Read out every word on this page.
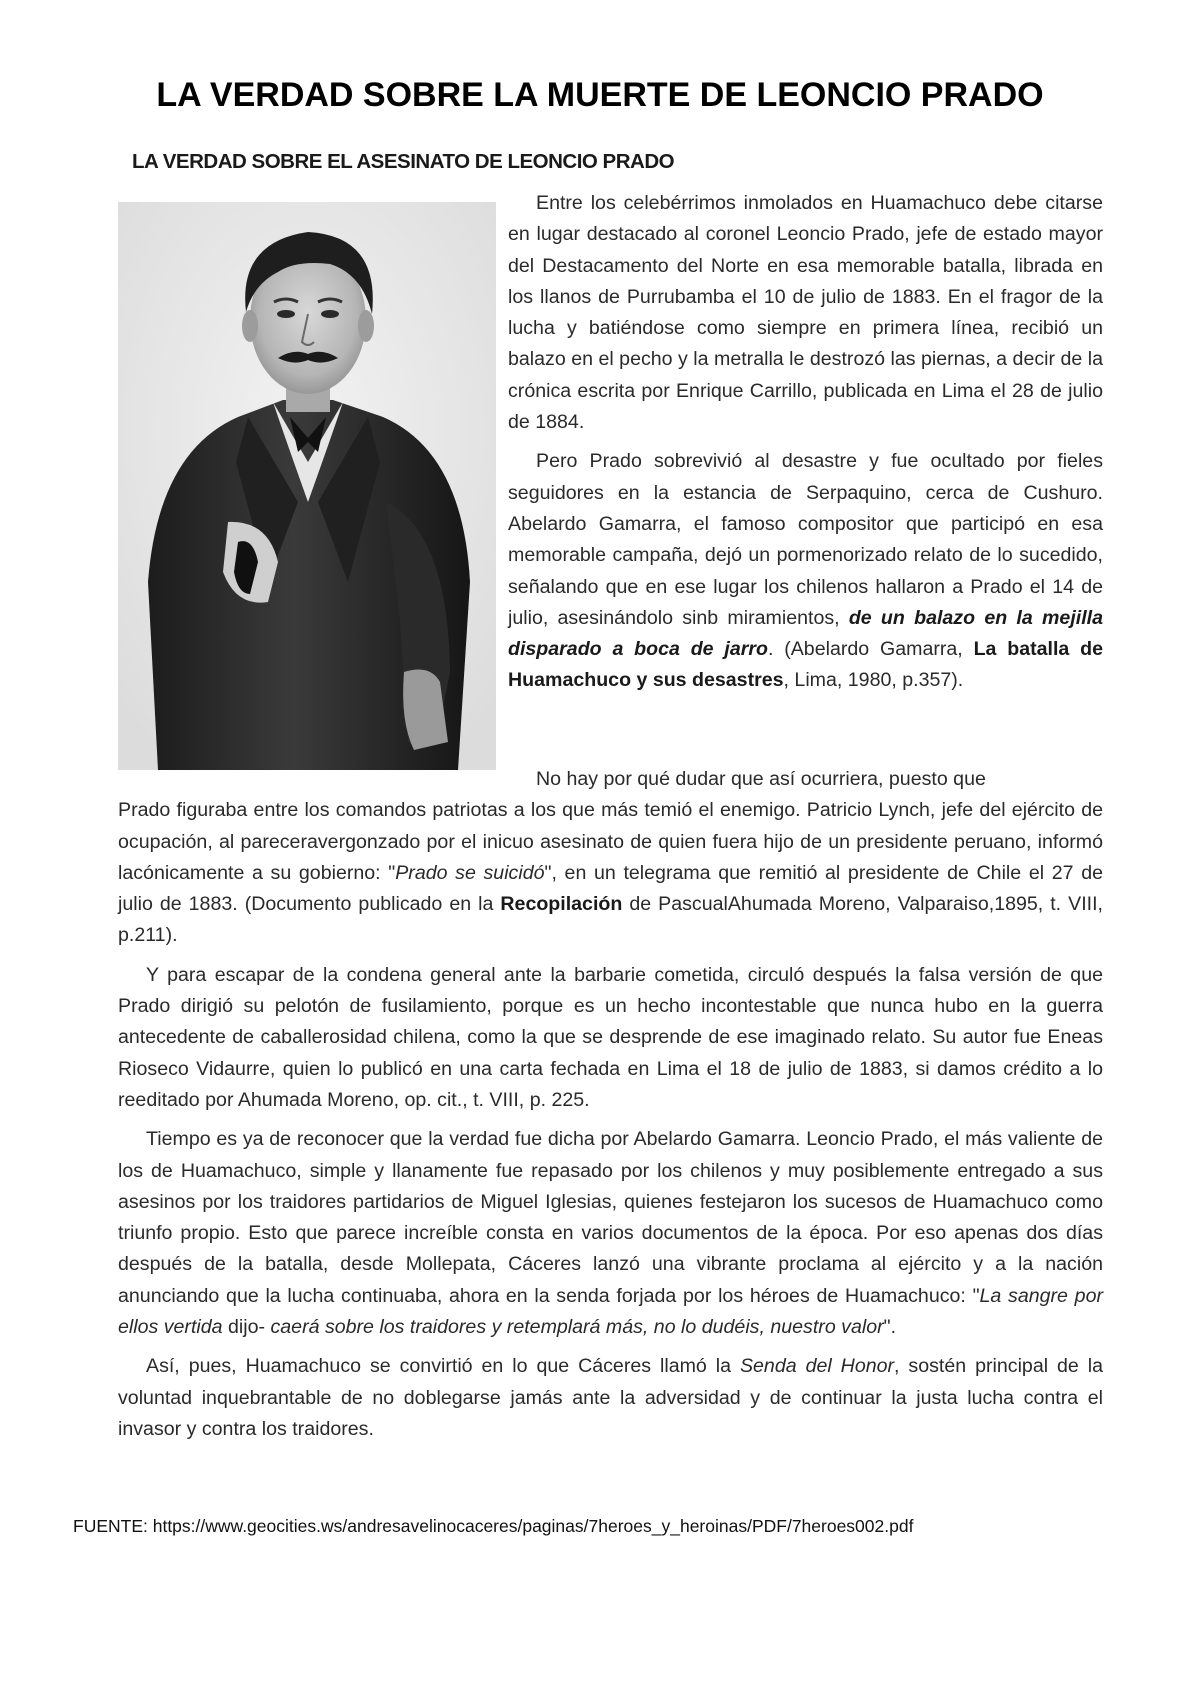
LA VERDAD SOBRE LA MUERTE DE LEONCIO PRADO
LA VERDAD SOBRE EL ASESINATO DE LEONCIO PRADO

Entre los celebérrimos inmolados en Huamachuco debe citarse en lugar destacado al coronel Leoncio Prado, jefe de estado mayor del Destacamento del Norte en esa memorable batalla, librada en los llanos de Purrubamba el 10 de julio de 1883. En el fragor de la lucha y batiéndose como siempre en primera línea, recibió un balazo en el pecho y la metralla le destrozó las piernas, a decir de la crónica escrita por Enrique Carrillo, publicada en Lima el 28 de julio de 1884.

Pero Prado sobrevivió al desastre y fue ocultado por fieles seguidores en la estancia de Serpaquino, cerca de Cushuro. Abelardo Gamarra, el famoso compositor que participó en esa memorable campaña, dejó un pormenorizado relato de lo sucedido, señalando que en ese lugar los chilenos hallaron a Prado el 14 de julio, asesinándolo sinb miramientos, de un balazo en la mejilla disparado a boca de jarro. (Abelardo Gamarra, La batalla de Huamachuco y sus desastres, Lima, 1980, p.357).

No hay por qué dudar que así ocurriera, puesto que
Prado figuraba entre los comandos patriotas a los que más temió el enemigo. Patricio Lynch, jefe del ejército de ocupación, al pareceravergonzado por el inicuo asesinato de quien fuera hijo de un presidente peruano, informó lacónicamente a su gobierno: "Prado se suicidó", en un telegrama que remitió al presidente de Chile el 27 de julio de 1883. (Documento publicado en la Recopilación de PascualAhumada Moreno, Valparaiso,1895, t. VIII, p.211).

Y para escapar de la condena general ante la barbarie cometida, circuló después la falsa versión de que Prado dirigió su pelotón de fusilamiento, porque es un hecho incontestable que nunca hubo en la guerra antecedente de caballerosidad chilena, como la que se desprende de ese imaginado relato. Su autor fue Eneas Rioseco Vidaurre, quien lo publicó en una carta fechada en Lima el 18 de julio de 1883, si damos crédito a lo reeditado por Ahumada Moreno, op. cit., t. VIII, p. 225.

Tiempo es ya de reconocer que la verdad fue dicha por Abelardo Gamarra. Leoncio Prado, el más valiente de los de Huamachuco, simple y llanamente fue repasado por los chilenos y muy posiblemente entregado a sus asesinos por los traidores partidarios de Miguel Iglesias, quienes festejaron los sucesos de Huamachuco como triunfo propio. Esto que parece increíble consta en varios documentos de la época. Por eso apenas dos días después de la batalla, desde Mollepata, Cáceres lanzó una vibrante proclama al ejército y a la nación anunciando que la lucha continuaba, ahora en la senda forjada por los héroes de Huamachuco: "La sangre por ellos vertida dijo- caerá sobre los traidores y retemplará más, no lo dudéis, nuestro valor".

Así, pues, Huamachuco se convirtió en lo que Cáceres llamó la Senda del Honor, sostén principal de la voluntad inquebrantable de no doblegarse jamás ante la adversidad y de continuar la justa lucha contra el invasor y contra los traidores.

FUENTE: https://www.geocities.ws/andresavelinocaceres/paginas/7heroes_y_heroinas/PDF/7heroes002.pdf
